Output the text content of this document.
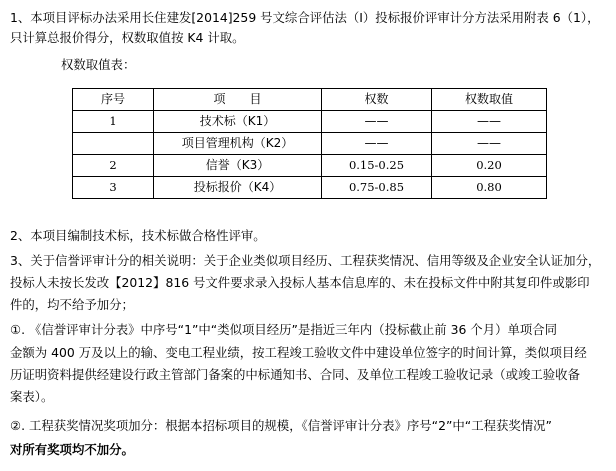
1、本项目评标办法采用长住建发[2014]259 号文综合评估法（Ⅰ）投标报价评审计分方法采用附表 6（1），
只计算总报价得分，权数取值按 K4 计取。
权数取值表：
序号	项　　目	权数	权数取值
1	技术标（K1）	——	——
	项目管理机构（K2）	——	——
2	信誉（K3）	0.15-0.25	0.20
3	投标报价（K4）	0.75-0.85	0.80
2、本项目编制技术标，技术标做合格性评审。
3、关于信誉评审计分的相关说明：关于企业类似项目经历、工程获奖情况、信用等级及企业安全认证加分，
投标人未按长发改【2012】816 号文件要求录入投标人基本信息库的、未在投标文件中附其复印件或影印
件的，均不给予加分；
①. 《信誉评审计分表》中序号“1”中“类似项目经历”是指近三年内（投标截止前 36 个月）单项合同
金额为 400 万及以上的输、变电工程业绩，按工程竣工验收文件中建设单位签字的时间计算，类似项目经
历证明资料提供经建设行政主管部门备案的中标通知书、合同、及单位工程竣工验收记录（或竣工验收备
案表）。
②. 工程获奖情况奖项加分：根据本招标项目的规模，《信誉评审计分表》序号“2”中“工程获奖情况”
对所有奖项均不加分。
